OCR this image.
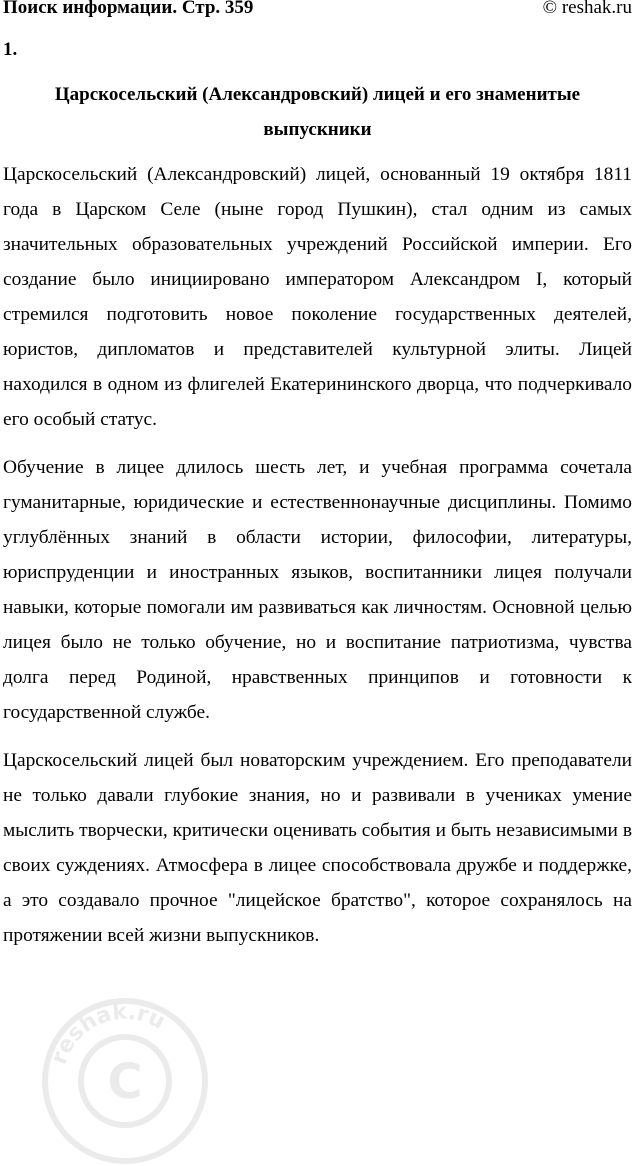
Поиск информации. Стр. 359	© reshak.ru
1.
Царскосельский (Александровский) лицей и его знаменитые выпускники

Царскосельский (Александровский) лицей, основанный 19 октября 1811 года в Царском Селе (ныне город Пушкин), стал одним из самых значительных образовательных учреждений Российской империи. Его создание было инициировано императором Александром I, который стремился подготовить новое поколение государственных деятелей, юристов, дипломатов и представителей культурной элиты. Лицей находился в одном из флигелей Екатерининского дворца, что подчеркивало его особый статус.

Обучение в лицее длилось шесть лет, и учебная программа сочетала гуманитарные, юридические и естественнонаучные дисциплины. Помимо углублённых знаний в области истории, философии, литературы, юриспруденции и иностранных языков, воспитанники лицея получали навыки, которые помогали им развиваться как личностям. Основной целью лицея было не только обучение, но и воспитание патриотизма, чувства долга перед Родиной, нравственных принципов и готовности к государственной службе.

Царскосельский лицей был новаторским учреждением. Его преподаватели не только давали глубокие знания, но и развивали в учениках умение мыслить творчески, критически оценивать события и быть независимыми в своих суждениях. Атмосфера в лицее способствовала дружбе и поддержке, а это создавало прочное "лицейское братство", которое сохранялось на протяжении всей жизни выпускников.

reshak.ru
C
